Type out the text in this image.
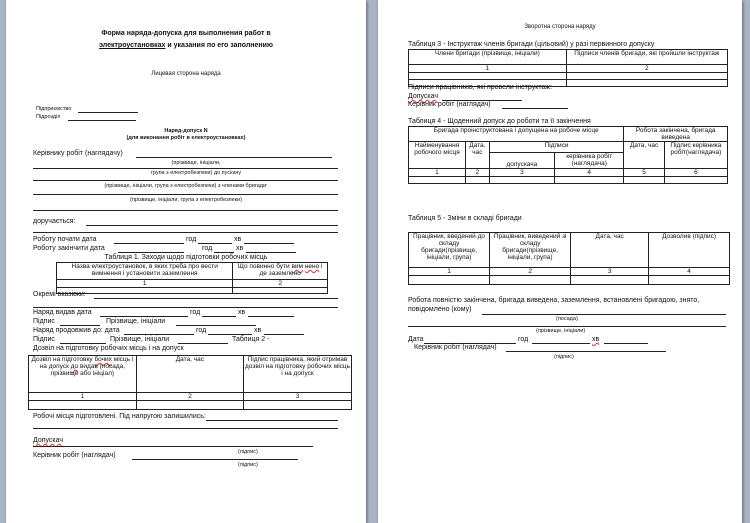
Форма наряда-допуска для выполнения работ в
электроустановках и указания по его заполнению
Лицевая сторона наряда
Підприємство
Підрозділ
Наряд-допуск N
(для виконання робіт в електроустановках)
Керівнику робіт (наглядачу)
(прізвище, ініціали,
група з електробезпеки) до пускачу
(прізвище, ініціали, група з електробезпеки) з членами бригади:
(прізвище, ініціали, група з електробезпеки)
доручається:
Роботу почати дата	год	хв
Роботу закінчити дата	год	хв
Таблиця 1. Заходи щодо підготовки робочих місць
Назва електроустановок, в яких треба про вести вимнення і установити заземлення	Що повинно бути вим нено і де заземлено
1	2

Окремі вказівки:
Наряд видав дата	год	хв
Підпис	Прізвище, ініціали
Наряд продовжив до: дата	год	хв
Підпис	Прізвище, ініціали	Таблиця 2 -
Дозвіл на підготовку робочих місць і на допуск
Дозвіл на підготовку бочих місць і на допуск до видав (посада, прізвище або ініціал)	Дата, час	Підпис працівника, який отримав дозвіл на підготовку робочих місць і на допуск
1	2	3

Робочі місця підготовлені. Під напругою залишились:
Допускач
(підпис)
Керівник робіт (наглядач)
(підпис)
Зворотна сторона наряду
Таблиця 3 - Інструктаж членів бригади (цільовий) у разі первинного допуску
Члени бригади (прізвище, ініціали)	Підписи членів бригади, які пройшли інструктаж
1	2

Підписи працівників, які провели інструктаж:
Допускач
Керівник робіт (наглядач)
Таблиця 4 - Щоденний допуск до роботи та її закінчення
Бригада проінструктована і допущена на робоче місце				Робота закінчена, бригада виведена	
Найменування робочого місця	Дата, час	Підписи		Дата, час	Підпис керівника робіт(наглядача)
		допускача	керівника робіт (наглядача)		
1	2	3	4	5	6

Таблиця 5 - Зміни в складі бригади
Працівник, введений до складу бригади(прізвище, ініціали, група)	Працівник, виведений зі складу бригади(прізвище, ініціали, група)	Дата, час	Дозволив (підпис)
1	2	3	4

Робота повністю закінчена, бригада виведена, заземлення, встановлені бригадою, знято, повідомлено (кому)
(посада)
(прізвище, ініціали)
Дата	год	хв
Керівник робіт (наглядач)
(підпис)
